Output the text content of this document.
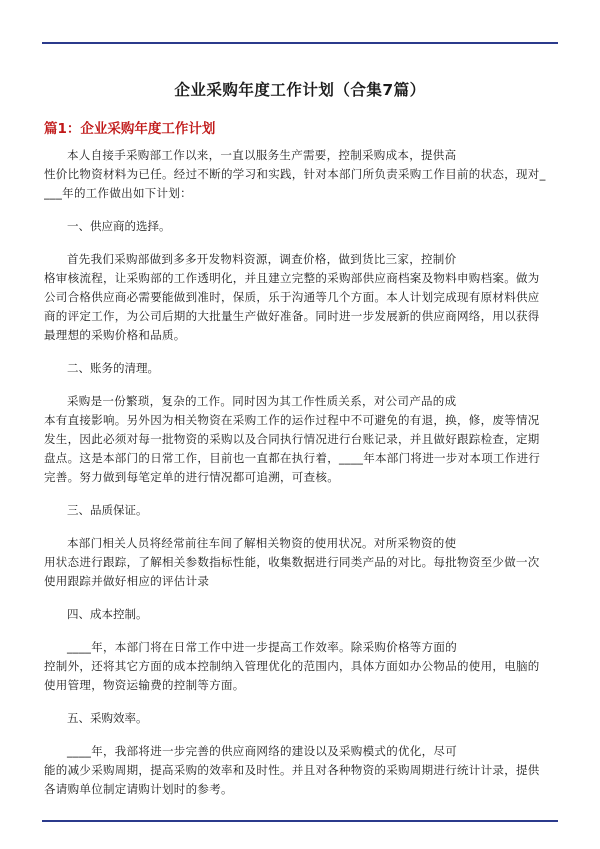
企业采购年度工作计划（合集7篇）
篇1：企业采购年度工作计划
本人自接手采购部工作以来，一直以服务生产需要，控制采购成本，提供高
性价比物资材料为已任。经过不断的学习和实践，针对本部门所负责采购工作目前的状态，现对_
___年的工作做出如下计划：
一、供应商的选择。
首先我们采购部做到多多开发物料资源，调查价格，做到货比三家，控制价
格审核流程，让采购部的工作透明化，并且建立完整的采购部供应商档案及物料申购档案。做为
公司合格供应商必需要能做到准时，保质，乐于沟通等几个方面。本人计划完成现有原材料供应
商的评定工作，为公司后期的大批量生产做好准备。同时进一步发展新的供应商网络，用以获得
最理想的采购价格和品质。
二、账务的清理。
采购是一份繁琐，复杂的工作。同时因为其工作性质关系，对公司产品的成
本有直接影响。另外因为相关物资在采购工作的运作过程中不可避免的有退，换，修，废等情况
发生，因此必须对每一批物资的采购以及合同执行情况进行台账记录，并且做好跟踪检查，定期
盘点。这是本部门的日常工作，目前也一直都在执行着，____年本部门将进一步对本项工作进行
完善。努力做到每笔定单的进行情况都可追溯，可查核。
三、品质保证。
本部门相关人员将经常前往车间了解相关物资的使用状况。对所采物资的使
用状态进行跟踪，了解相关参数指标性能，收集数据进行同类产品的对比。每批物资至少做一次
使用跟踪并做好相应的评估计录
四、成本控制。
____年，本部门将在日常工作中进一步提高工作效率。除采购价格等方面的
控制外，还将其它方面的成本控制纳入管理优化的范围内，具体方面如办公物品的使用，电脑的
使用管理，物资运输费的控制等方面。
五、采购效率。
____年，我部将进一步完善的供应商网络的建设以及采购模式的优化，尽可
能的减少采购周期，提高采购的效率和及时性。并且对各种物资的采购周期进行统计计录，提供
各请购单位制定请购计划时的参考。
